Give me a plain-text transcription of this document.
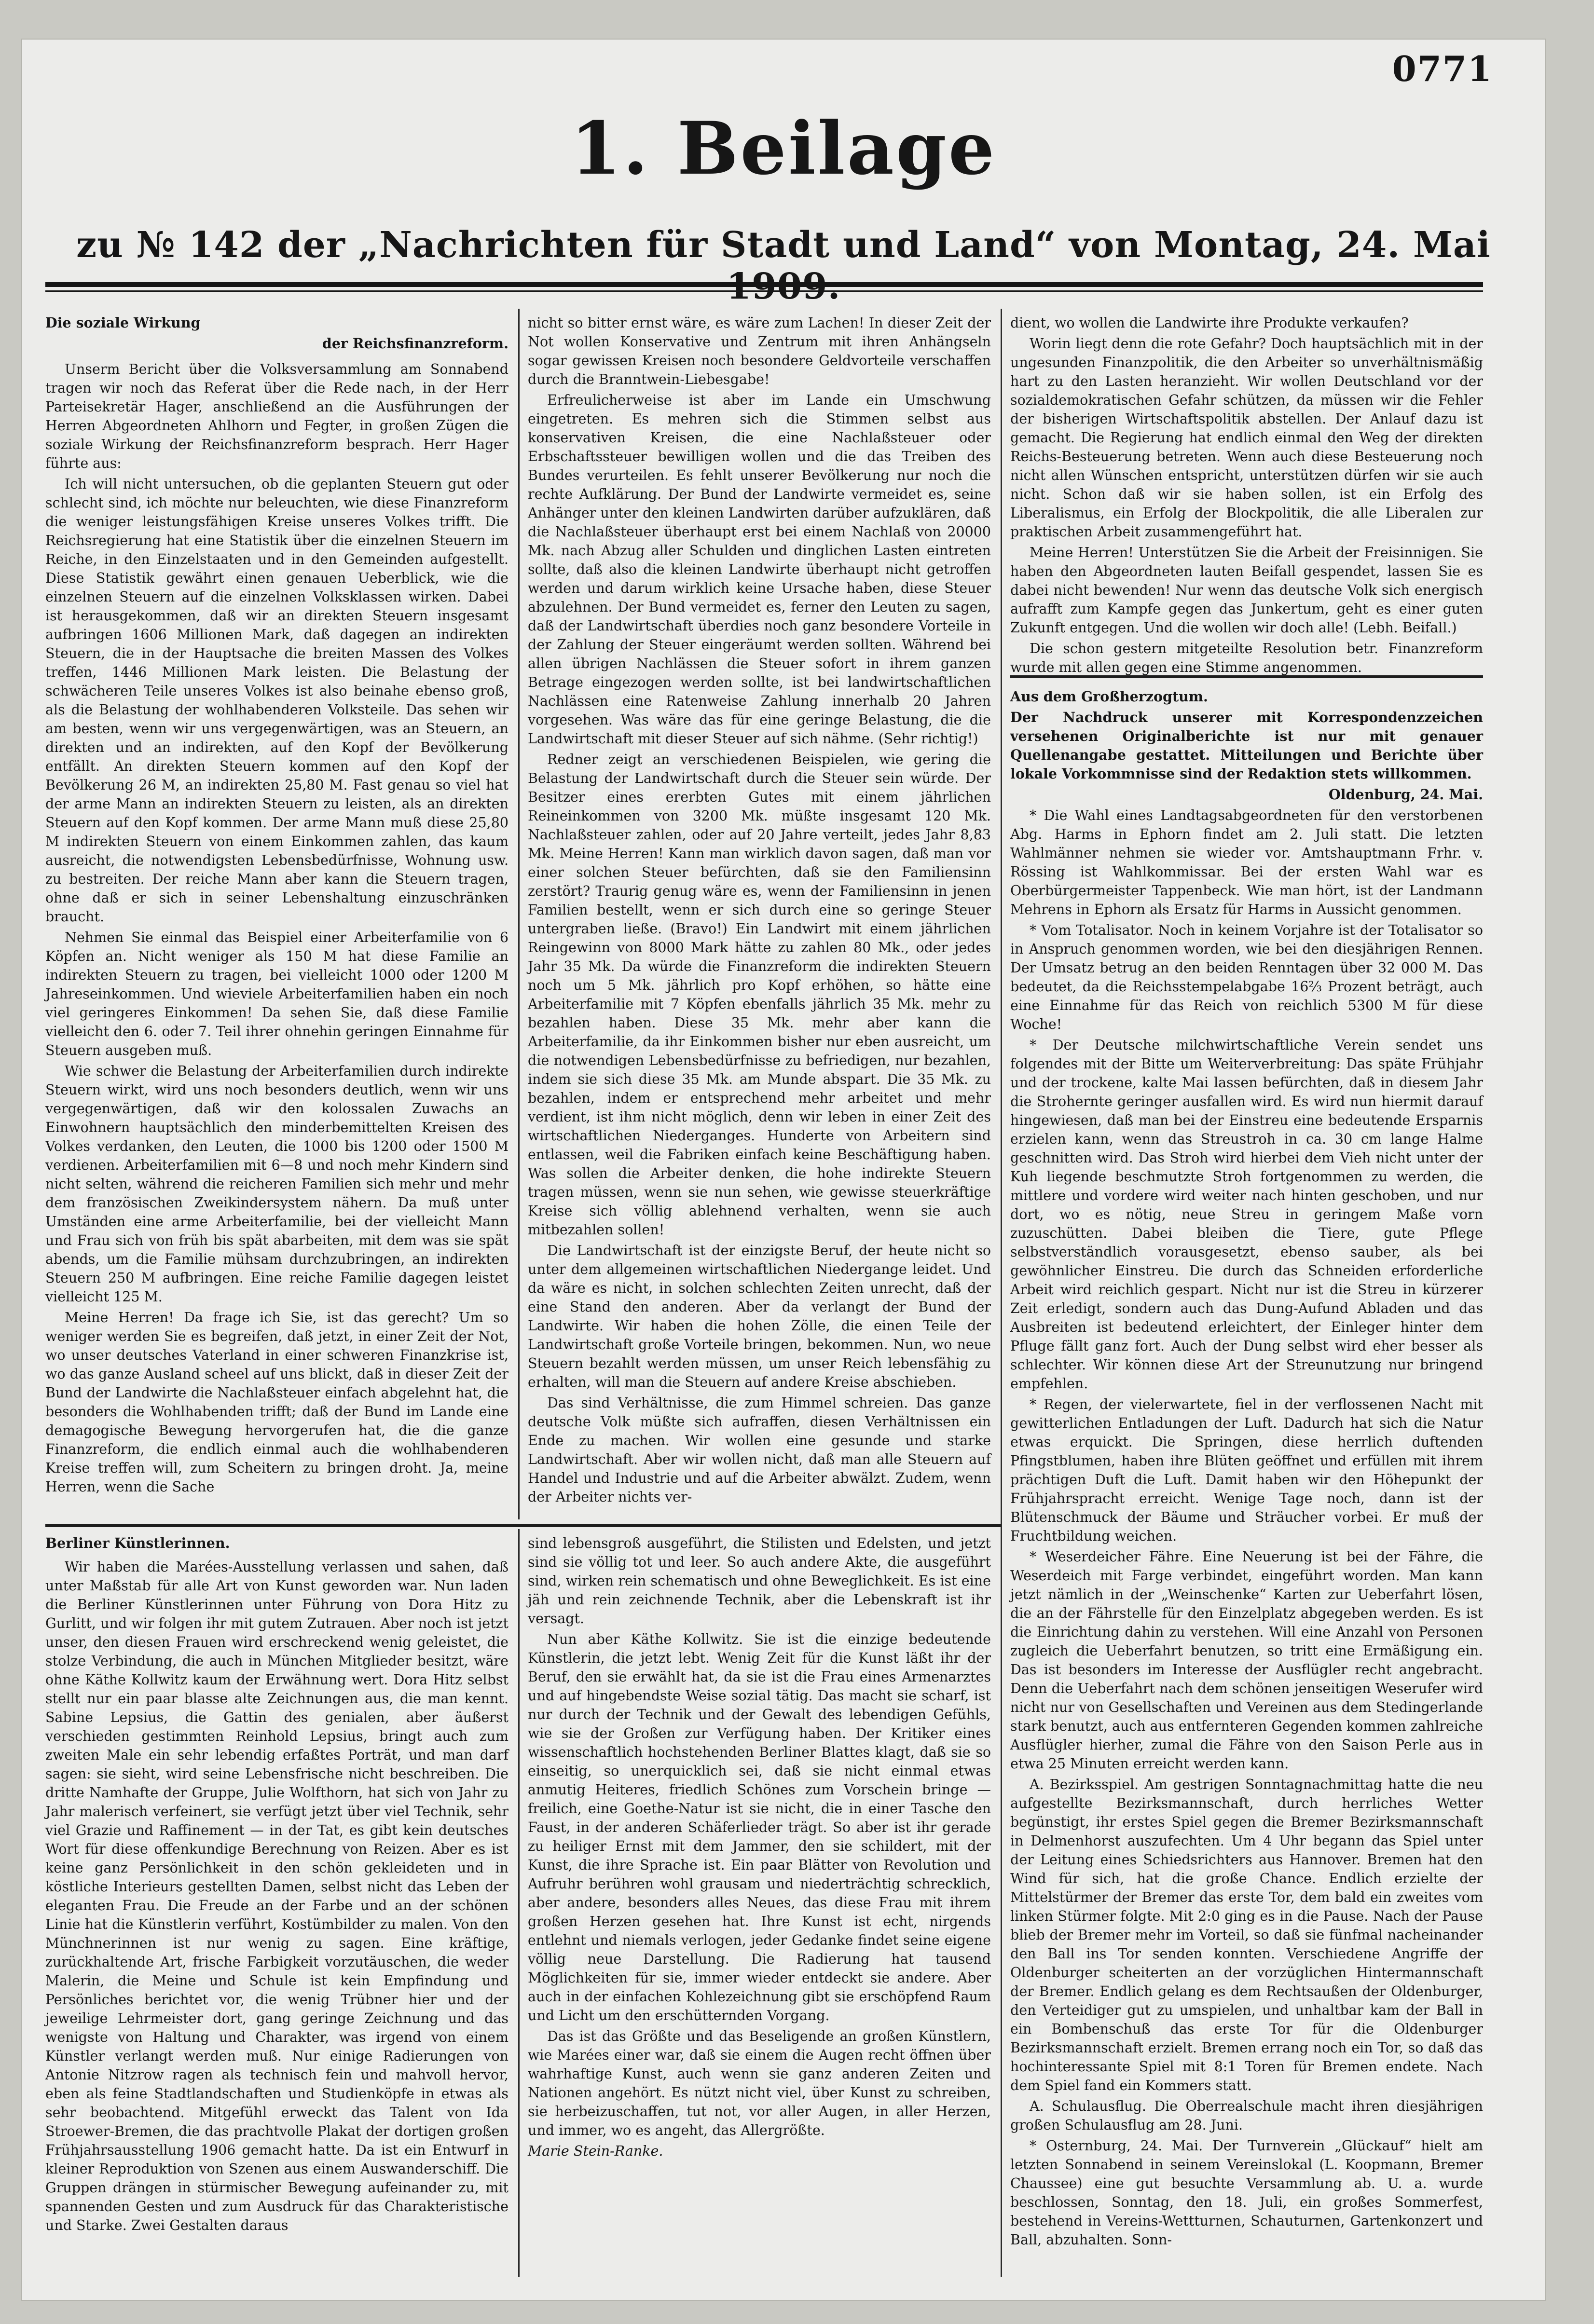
0771
1. Beilage
zu № 142 der „Nachrichten für Stadt und Land“ von Montag, 24. Mai

Die soziale Wirkung

der Reichsfinanzreform.

Unserm Bericht über die Volksversammlung am Sonnabend tragen wir noch das Referat über die Rede nach, in der Herr Parteisekretär Hager, anschließend an die Ausführungen der Herren Abgeordneten Ahlhorn und Fegter, in großen Zügen die soziale Wirkung der Reichsfinanzreform besprach. Herr Hager führte aus:

Ich will nicht untersuchen, ob die geplanten Steuern gut oder schlecht sind, ich möchte nur beleuchten, wie diese Finanzreform die weniger leistungsfähigen Kreise unseres Volkes trifft. Die Reichsregierung hat eine Statistik über die einzelnen Steuern im Reiche, in den Einzelstaaten und in den Gemeinden aufgestellt. Diese Statistik gewährt einen genauen Ueberblick, wie die einzelnen Steuern auf die einzelnen Volksklassen wirken. Dabei ist herausgekommen, daß wir an direkten Steuern insgesamt aufbringen 1606 Millionen Mark, daß dagegen an indirekten Steuern, die in der Hauptsache die breiten Massen des Volkes treffen, 1446 Millionen Mark leisten. Die Belastung der schwächeren Teile unseres Volkes ist also beinahe ebenso groß, als die Belastung der wohlhabenderen Volksteile. Das sehen wir am besten, wenn wir uns vergegenwärtigen, was an Steuern, an direkten und an indirekten, auf den Kopf der Bevölkerung entfällt. An direkten Steuern kommen auf den Kopf der Bevölkerung 26 M, an indirekten 25,80 M. Fast genau so viel hat der arme Mann an indirekten Steuern zu leisten, als an direkten Steuern auf den Kopf kommen. Der arme Mann muß diese 25,80 M indirekten Steuern von einem Einkommen zahlen, das kaum ausreicht, die notwendigsten Lebensbedürfnisse, Wohnung usw. zu bestreiten. Der reiche Mann aber kann die Steuern tragen, ohne daß er sich in seiner Lebenshaltung einzuschränken braucht.

Nehmen Sie einmal das Beispiel einer Arbeiterfamilie von 6 Köpfen an. Nicht weniger als 150 M hat diese Familie an indirekten Steuern zu tragen, bei vielleicht 1000 oder 1200 M Jahreseinkommen. Und wieviele Arbeiterfamilien haben ein noch viel geringeres Einkommen! Da sehen Sie, daß diese Familie vielleicht den 6. oder 7. Teil ihrer ohnehin geringen Einnahme für Steuern ausgeben muß.

Wie schwer die Belastung der Arbeiterfamilien durch indirekte Steuern wirkt, wird uns noch besonders deutlich, wenn wir uns vergegenwärtigen, daß wir den kolossalen Zuwachs an Einwohnern hauptsächlich den minderbemittelten Kreisen des Volkes verdanken, den Leuten, die 1000 bis 1200 oder 1500 M verdienen. Arbeiterfamilien mit 6—8 und noch mehr Kindern sind nicht selten, während die reicheren Familien sich mehr und mehr dem französischen Zweikindersystem nähern. Da muß unter Umständen eine arme Arbeiterfamilie, bei der vielleicht Mann und Frau sich von früh bis spät abarbeiten, mit dem was sie spät abends, um die Familie mühsam durchzubringen, an indirekten Steuern 250 M aufbringen. Eine reiche Familie dagegen leistet vielleicht 125 M.

Meine Herren! Da frage ich Sie, ist das gerecht? Um so weniger werden Sie es begreifen, daß jetzt, in einer Zeit der Not, wo unser deutsches Vaterland in einer schweren Finanzkrise ist, wo das ganze Ausland scheel auf uns blickt, daß in dieser Zeit der Bund der Landwirte die Nachlaßsteuer einfach abgelehnt hat, die besonders die Wohlhabenden trifft; daß der Bund im Lande eine demagogische Bewegung hervorgerufen hat, die die ganze Finanzreform, die endlich einmal auch die wohlhabenderen Kreise treffen will, zum Scheitern zu bringen droht. Ja, meine Herren, wenn die Sache

nicht so bitter ernst wäre, es wäre zum Lachen! In dieser Zeit der Not wollen Konservative und Zentrum mit ihren Anhängseln sogar gewissen Kreisen noch besondere Geldvorteile verschaffen durch die Branntwein-Liebesgabe!

Erfreulicherweise ist aber im Lande ein Umschwung eingetreten. Es mehren sich die Stimmen selbst aus konservativen Kreisen, die eine Nachlaßsteuer oder Erbschaftssteuer bewilligen wollen und die das Treiben des Bundes verurteilen. Es fehlt unserer Bevölkerung nur noch die rechte Aufklärung. Der Bund der Landwirte vermeidet es, seine Anhänger unter den kleinen Landwirten darüber aufzuklären, daß die Nachlaßsteuer überhaupt erst bei einem Nachlaß von 20000 Mk. nach Abzug aller Schulden und dinglichen Lasten eintreten sollte, daß also die kleinen Landwirte überhaupt nicht getroffen werden und darum wirklich keine Ursache haben, diese Steuer abzulehnen. Der Bund vermeidet es, ferner den Leuten zu sagen, daß der Landwirtschaft überdies noch ganz besondere Vorteile in der Zahlung der Steuer eingeräumt werden sollten. Während bei allen übrigen Nachlässen die Steuer sofort in ihrem ganzen Betrage eingezogen werden sollte, ist bei landwirtschaftlichen Nachlässen eine Ratenweise Zahlung innerhalb 20 Jahren vorgesehen. Was wäre das für eine geringe Belastung, die die Landwirtschaft mit dieser Steuer auf sich nähme. (Sehr richtig!)

Redner zeigt an verschiedenen Beispielen, wie gering die Belastung der Landwirtschaft durch die Steuer sein würde. Der Besitzer eines ererbten Gutes mit einem jährlichen Reineinkommen von 3200 Mk. müßte insgesamt 120 Mk. Nachlaßsteuer zahlen, oder auf 20 Jahre verteilt, jedes Jahr 8,83 Mk. Meine Herren! Kann man wirklich davon sagen, daß man vor einer solchen Steuer befürchten, daß sie den Familiensinn zerstört? Traurig genug wäre es, wenn der Familiensinn in jenen Familien bestellt, wenn er sich durch eine so geringe Steuer untergraben ließe. (Bravo!) Ein Landwirt mit einem jährlichen Reingewinn von 8000 Mark hätte zu zahlen 80 Mk., oder jedes Jahr 35 Mk. Da würde die Finanzreform die indirekten Steuern noch um 5 Mk. jährlich pro Kopf erhöhen, so hätte eine Arbeiterfamilie mit 7 Köpfen ebenfalls jährlich 35 Mk. mehr zu bezahlen haben. Diese 35 Mk. mehr aber kann die Arbeiterfamilie, da ihr Einkommen bisher nur eben ausreicht, um die notwendigen Lebensbedürfnisse zu befriedigen, nur bezahlen, indem sie sich diese 35 Mk. am Munde abspart. Die 35 Mk. zu bezahlen, indem er entsprechend mehr arbeitet und mehr verdient, ist ihm nicht möglich, denn wir leben in einer Zeit des wirtschaftlichen Niederganges. Hunderte von Arbeitern sind entlassen, weil die Fabriken einfach keine Beschäftigung haben. Was sollen die Arbeiter denken, die hohe indirekte Steuern tragen müssen, wenn sie nun sehen, wie gewisse steuerkräftige Kreise sich völlig ablehnend verhalten, wenn sie auch mitbezahlen sollen!

Die Landwirtschaft ist der einzigste Beruf, der heute nicht so unter dem allgemeinen wirtschaftlichen Niedergange leidet. Und da wäre es nicht, in solchen schlechten Zeiten unrecht, daß der eine Stand den anderen. Aber da verlangt der Bund der Landwirte. Wir haben die hohen Zölle, die einen Teile der Landwirtschaft große Vorteile bringen, bekommen. Nun, wo neue Steuern bezahlt werden müssen, um unser Reich lebensfähig zu erhalten, will man die Steuern auf andere Kreise abschieben.

Das sind Verhältnisse, die zum Himmel schreien. Das ganze deutsche Volk müßte sich aufraffen, diesen Verhältnissen ein Ende zu machen. Wir wollen eine gesunde und starke Landwirtschaft. Aber wir wollen nicht, daß man alle Steuern auf Handel und Industrie und auf die Arbeiter abwälzt. Zudem, wenn der Arbeiter nichts ver-

dient, wo wollen die Landwirte ihre Produkte verkaufen?

Worin liegt denn die rote Gefahr? Doch hauptsächlich mit in der ungesunden Finanzpolitik, die den Arbeiter so unverhältnismäßig hart zu den Lasten heranzieht. Wir wollen Deutschland vor der sozialdemokratischen Gefahr schützen, da müssen wir die Fehler der bisherigen Wirtschaftspolitik abstellen. Der Anlauf dazu ist gemacht. Die Regierung hat endlich einmal den Weg der direkten Reichs-Besteuerung betreten. Wenn auch diese Besteuerung noch nicht allen Wünschen entspricht, unterstützen dürfen wir sie auch nicht. Schon daß wir sie haben sollen, ist ein Erfolg des Liberalismus, ein Erfolg der Blockpolitik, die alle Liberalen zur praktischen Arbeit zusammengeführt hat.

Meine Herren! Unterstützen Sie die Arbeit der Freisinnigen. Sie haben den Abgeordneten lauten Beifall gespendet, lassen Sie es dabei nicht bewenden! Nur wenn das deutsche Volk sich energisch aufrafft zum Kampfe gegen das Junkertum, geht es einer guten Zukunft entgegen. Und die wollen wir doch alle! (Lebh. Beifall.)

Die schon gestern mitgeteilte Resolution betr. Finanzreform wurde mit allen gegen eine Stimme angenommen.

Aus dem Großherzogtum.

Der Nachdruck unserer mit Korrespondenzzeichen versehenen Originalberichte ist nur mit genauer Quellenangabe gestattet. Mitteilungen und Berichte über lokale Vorkommnisse sind der Redaktion stets willkommen.

Oldenburg, 24. Mai.

* Die Wahl eines Landtagsabgeordneten für den verstorbenen Abg. Harms in Ephorn findet am 2. Juli statt. Die letzten Wahlmänner nehmen sie wieder vor. Amtshauptmann Frhr. v. Rössing ist Wahlkommissar. Bei der ersten Wahl war es Oberbürgermeister Tappenbeck. Wie man hört, ist der Landmann Mehrens in Ephorn als Ersatz für Harms in Aussicht genommen.

* Vom Totalisator. Noch in keinem Vorjahre ist der Totalisator so in Anspruch genommen worden, wie bei den diesjährigen Rennen. Der Umsatz betrug an den beiden Renntagen über 32 000 M. Das bedeutet, da die Reichsstempelabgabe 16⅔ Prozent beträgt, auch eine Einnahme für das Reich von reichlich 5300 M für diese Woche!

* Der Deutsche milchwirtschaftliche Verein sendet uns folgendes mit der Bitte um Weiterverbreitung: Das späte Frühjahr und der trockene, kalte Mai lassen befürchten, daß in diesem Jahr die Strohernte geringer ausfallen wird. Es wird nun hiermit darauf hingewiesen, daß man bei der Einstreu eine bedeutende Ersparnis erzielen kann, wenn das Streustroh in ca. 30 cm lange Halme geschnitten wird. Das Stroh wird hierbei dem Vieh nicht unter der Kuh liegende beschmutzte Stroh fortgenommen zu werden, die mittlere und vordere wird weiter nach hinten geschoben, und nur dort, wo es nötig, neue Streu in geringem Maße vorn zuzuschütten. Dabei bleiben die Tiere, gute Pflege selbstverständlich vorausgesetzt, ebenso sauber, als bei gewöhnlicher Einstreu. Die durch das Schneiden erforderliche Arbeit wird reichlich gespart. Nicht nur ist die Streu in kürzerer Zeit erledigt, sondern auch das Dung-Aufund Abladen und das Ausbreiten ist bedeutend erleichtert, der Einleger hinter dem Pfluge fällt ganz fort. Auch der Dung selbst wird eher besser als schlechter. Wir können diese Art der Streunutzung nur bringend empfehlen.

* Regen, der vielerwartete, fiel in der verflossenen Nacht mit gewitterlichen Entladungen der Luft. Dadurch hat sich die Natur etwas erquickt. Die Springen, diese herrlich duftenden Pfingstblumen, haben ihre Blüten geöffnet und erfüllen mit ihrem prächtigen Duft die Luft. Damit haben wir den Höhepunkt der Frühjahrspracht erreicht. Wenige Tage noch, dann ist der Blütenschmuck der Bäume und Sträucher vorbei. Er muß der Fruchtbildung weichen.

* Weserdeicher Fähre. Eine Neuerung ist bei der Fähre, die Weserdeich mit Farge verbindet, eingeführt worden. Man kann jetzt nämlich in der „Weinschenke“ Karten zur Ueberfahrt lösen, die an der Fährstelle für den Einzelplatz abgegeben werden. Es ist die Einrichtung dahin zu verstehen. Will eine Anzahl von Personen zugleich die Ueberfahrt benutzen, so tritt eine Ermäßigung ein. Das ist besonders im Interesse der Ausflügler recht angebracht. Denn die Ueberfahrt nach dem schönen jenseitigen Weserufer wird nicht nur von Gesellschaften und Vereinen aus dem Stedingerlande stark benutzt, auch aus entfernteren Gegenden kommen zahlreiche Ausflügler hierher, zumal die Fähre von den Saison Perle aus in etwa 25 Minuten erreicht werden kann.

A. Bezirksspiel. Am gestrigen Sonntagnachmittag hatte die neu aufgestellte Bezirksmannschaft, durch herrliches Wetter begünstigt, ihr erstes Spiel gegen die Bremer Bezirksmannschaft in Delmenhorst auszufechten. Um 4 Uhr begann das Spiel unter der Leitung eines Schiedsrichters aus Hannover. Bremen hat den Wind für sich, hat die große Chance. Endlich erzielte der Mittelstürmer der Bremer das erste Tor, dem bald ein zweites vom linken Stürmer folgte. Mit 2:0 ging es in die Pause. Nach der Pause blieb der Bremer mehr im Vorteil, so daß sie fünfmal nacheinander den Ball ins Tor senden konnten. Verschiedene Angriffe der Oldenburger scheiterten an der vorzüglichen Hintermannschaft der Bremer. Endlich gelang es dem Rechtsaußen der Oldenburger, den Verteidiger gut zu umspielen, und unhaltbar kam der Ball in ein Bombenschuß das erste Tor für die Oldenburger Bezirksmannschaft erzielt. Bremen errang noch ein Tor, so daß das hochinteressante Spiel mit 8:1 Toren für Bremen endete. Nach dem Spiel fand ein Kommers statt.

A. Schulausflug. Die Oberrealschule macht ihren diesjährigen großen Schulausflug am 28. Juni.

* Osternburg, 24. Mai. Der Turnverein „Glückauf“ hielt am letzten Sonnabend in seinem Vereinslokal (L. Koopmann, Bremer Chaussee) eine gut besuchte Versammlung ab. U. a. wurde beschlossen, Sonntag, den 18. Juli, ein großes Sommerfest, bestehend in Vereins-Wettturnen, Schauturnen, Gartenkonzert und Ball, abzuhalten. Sonn-

Berliner Künstlerinnen.

Wir haben die Marées-Ausstellung verlassen und sahen, daß unter Maßstab für alle Art von Kunst geworden war. Nun laden die Berliner Künstlerinnen unter Führung von Dora Hitz zu Gurlitt, und wir folgen ihr mit gutem Zutrauen. Aber noch ist jetzt unser, den diesen Frauen wird erschreckend wenig geleistet, die stolze Verbindung, die auch in München Mitglieder besitzt, wäre ohne Käthe Kollwitz kaum der Erwähnung wert. Dora Hitz selbst stellt nur ein paar blasse alte Zeichnungen aus, die man kennt. Sabine Lepsius, die Gattin des genialen, aber äußerst verschieden gestimmten Reinhold Lepsius, bringt auch zum zweiten Male ein sehr lebendig erfaßtes Porträt, und man darf sagen: sie sieht, wird seine Lebensfrische nicht beschreiben. Die dritte Namhafte der Gruppe, Julie Wolfthorn, hat sich von Jahr zu Jahr malerisch verfeinert, sie verfügt jetzt über viel Technik, sehr viel Grazie und Raffinement — in der Tat, es gibt kein deutsches Wort für diese offenkundige Berechnung von Reizen. Aber es ist keine ganz Persönlichkeit in den schön gekleideten und in köstliche Interieurs gestellten Damen, selbst nicht das Leben der eleganten Frau. Die Freude an der Farbe und an der schönen Linie hat die Künstlerin verführt, Kostümbilder zu malen. Von den Münchnerinnen ist nur wenig zu sagen. Eine kräftige, zurückhaltende Art, frische Farbigkeit vorzutäuschen, die weder Malerin, die Meine und Schule ist kein Empfindung und Persönliches berichtet vor, die wenig Trübner hier und der jeweilige Lehrmeister dort, gang geringe Zeichnung und das wenigste von Haltung und Charakter, was irgend von einem Künstler verlangt werden muß. Nur einige Radierungen von Antonie Nitzrow ragen als technisch fein und mahvoll hervor, eben als feine Stadtlandschaften und Studienköpfe in etwas als sehr beobachtend. Mitgefühl erweckt das Talent von Ida Stroewer-Bremen, die das prachtvolle Plakat der dortigen großen Frühjahrsausstellung 1906 gemacht hatte. Da ist ein Entwurf in kleiner Reproduktion von Szenen aus einem Auswanderschiff. Die Gruppen drängen in stürmischer Bewegung aufeinander zu, mit spannenden Gesten und zum Ausdruck für das Charakteristische und Starke. Zwei Gestalten daraus

sind lebensgroß ausgeführt, die Stilisten und Edelsten, und jetzt sind sie völlig tot und leer. So auch andere Akte, die ausgeführt sind, wirken rein schematisch und ohne Beweglichkeit. Es ist eine jäh und rein zeichnende Technik, aber die Lebenskraft ist ihr versagt.

Nun aber Käthe Kollwitz. Sie ist die einzige bedeutende Künstlerin, die jetzt lebt. Wenig Zeit für die Kunst läßt ihr der Beruf, den sie erwählt hat, da sie ist die Frau eines Armenarztes und auf hingebendste Weise sozial tätig. Das macht sie scharf, ist nur durch der Technik und der Gewalt des lebendigen Gefühls, wie sie der Großen zur Verfügung haben. Der Kritiker eines wissenschaftlich hochstehenden Berliner Blattes klagt, daß sie so einseitig, so unerquicklich sei, daß sie nicht einmal etwas anmutig Heiteres, friedlich Schönes zum Vorschein bringe — freilich, eine Goethe-Natur ist sie nicht, die in einer Tasche den Faust, in der anderen Schäferlieder trägt. So aber ist ihr gerade zu heiliger Ernst mit dem Jammer, den sie schildert, mit der Kunst, die ihre Sprache ist. Ein paar Blätter von Revolution und Aufruhr berühren wohl grausam und niederträchtig schrecklich, aber andere, besonders alles Neues, das diese Frau mit ihrem großen Herzen gesehen hat. Ihre Kunst ist echt, nirgends entlehnt und niemals verlogen, jeder Gedanke findet seine eigene völlig neue Darstellung. Die Radierung hat tausend Möglichkeiten für sie, immer wieder entdeckt sie andere. Aber auch in der einfachen Kohlezeichnung gibt sie erschöpfend Raum und Licht um den erschütternden Vorgang.

Das ist das Größte und das Beseligende an großen Künstlern, wie Marées einer war, daß sie einem die Augen recht öffnen über wahrhaftige Kunst, auch wenn sie ganz anderen Zeiten und Nationen angehört. Es nützt nicht viel, über Kunst zu schreiben, sie herbeizuschaffen, tut not, vor aller Augen, in aller Herzen, und immer, wo es angeht, das Allergrößte.

Marie Stein-Ranke.
